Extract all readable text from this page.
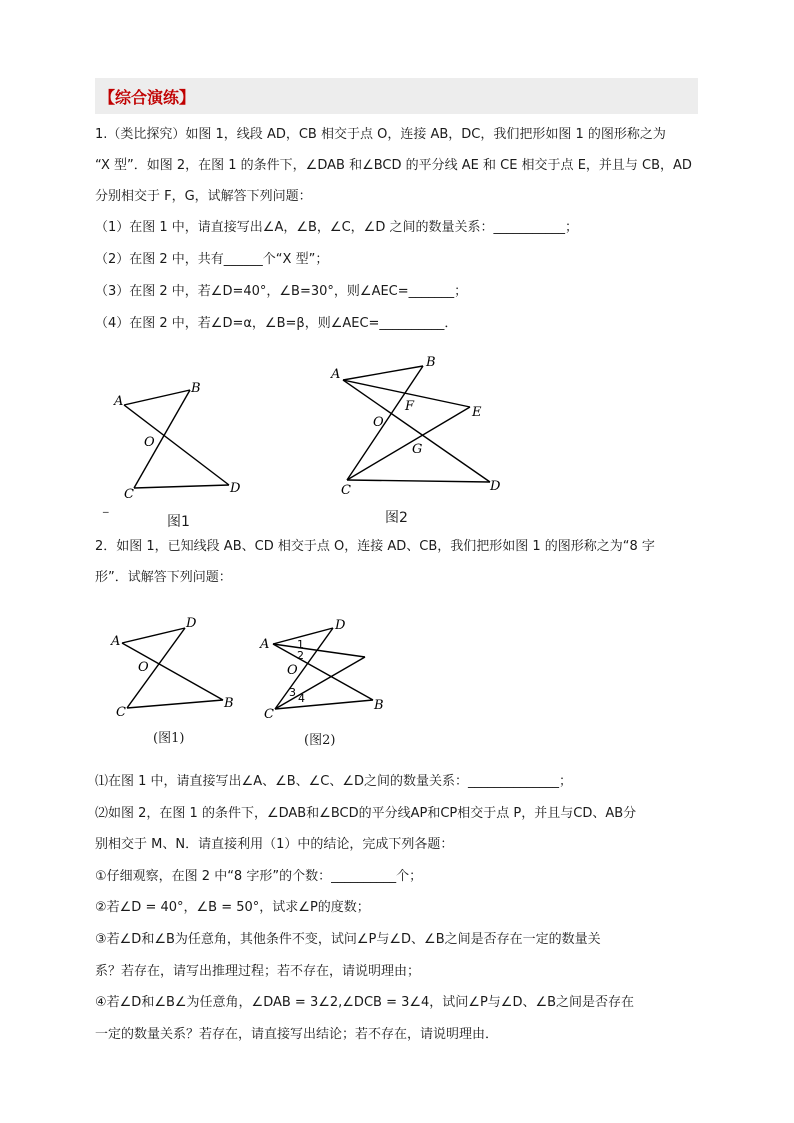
【综合演练】
1.（类比探究）如图 1，线段 AD，CB 相交于点 O，连接 AB，DC，我们把形如图 1 的图形称之为
“X 型”．如图 2，在图 1 的条件下，∠DAB 和∠BCD 的平分线 AE 和 CE 相交于点 E，并且与 CB，AD
分别相交于 F，G，试解答下列问题：
（1）在图 1 中，请直接写出∠A，∠B，∠C，∠D 之间的数量关系：___________；
（2）在图 2 中，共有______个“X 型”；
（3）在图 2 中，若∠D=40°，∠B=30°，则∠AEC=_______；
（4）在图 2 中，若∠D=α，∠B=β，则∠AEC=__________．
A
B
O
C	D
图1
_
A
B
F	E
O
G
C	D
图2
2．如图 1，已知线段 AB、CD 相交于点 O，连接 AD、CB，我们把形如图 1 的图形称之为“8 字
形”．试解答下列问题：
A
D
O
C
B
(图1)
A
D
O
C
B
1
2
3 4
(图2)
⑴在图 1 中，请直接写出∠A、∠B、∠C、∠D之间的数量关系：______________；
⑵如图 2，在图 1 的条件下，∠DAB和∠BCD的平分线AP和CP相交于点 P，并且与CD、AB分
别相交于 M、N．请直接利用（1）中的结论，完成下列各题：
①仔细观察，在图 2 中“8 字形”的个数：__________个；
②若∠D = 40°，∠B = 50°，试求∠P的度数；
③若∠D和∠B为任意角，其他条件不变，试问∠P与∠D、∠B之间是否存在一定的数量关
系？若存在，请写出推理过程；若不存在，请说明理由；
④若∠D和∠B∠为任意角，∠DAB = 3∠2,∠DCB = 3∠4，试问∠P与∠D、∠B之间是否存在
一定的数量关系？若存在，请直接写出结论；若不存在，请说明理由．
